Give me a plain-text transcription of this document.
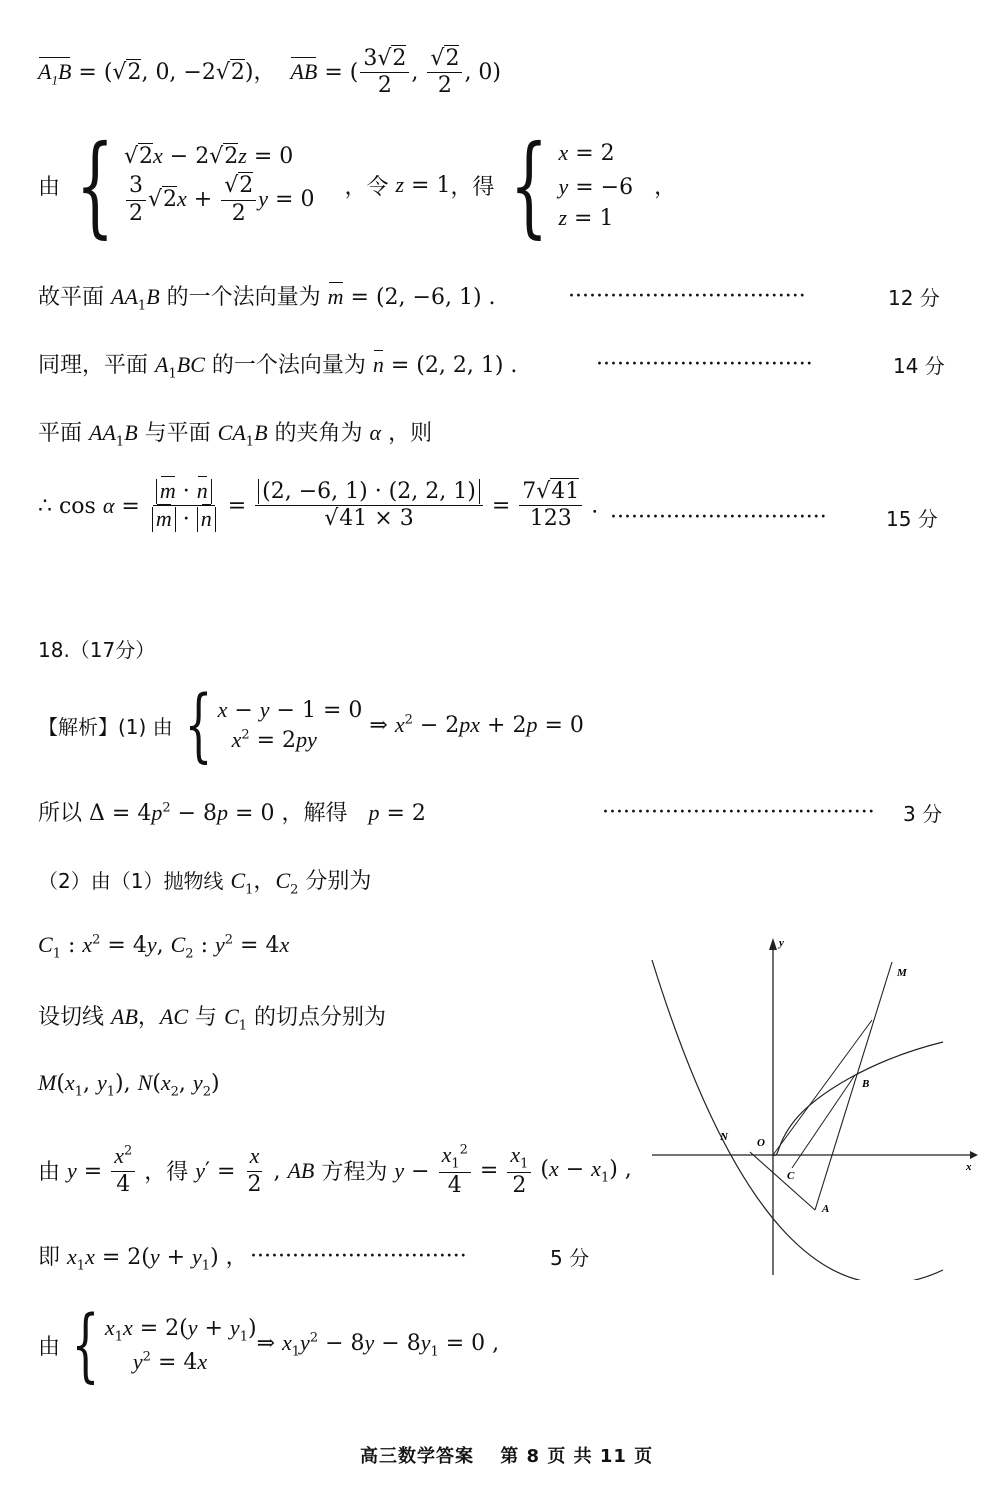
$A_1B = (√2$, 0, −2√2)， AB = ( $\frac{3√2}{2}$ , $\frac{√2}{2}$ , 0)
由 { √2x − 2√2z = 0
$\frac{3}{2} √2x + \frac{√2}{2}$ y = 0 ，令 z = 1 ，得 { x = 2
y = −6   ，
z = 1
故平面 $AA_1B$ 的一个法向量为 m = (2, −6, 1) .	··································	12 分
同理，平面 $A_1BC$ 的一个法向量为 n = (2, 2, 1) .	·······························	14 分
平面 $AA_1B$ 与平面 $CA_1B$ 的夹角为 α ，则
∴ $\cos \alpha = \frac{m \cdot n}{m \cdot n} = \frac{(2, -6, 1) \cdot (2, 2, 1)}{√41 \times 3} = \frac{7√41}{123}$ . ·······························	15 分
18.（17分）
【解析】(1) 由 { x − y − 1 = 0
$x^2 = 2py$
⇒ $x^2 - 2px + 2p = 0$
所以 $\Delta = 4p^2 - 8p = 0$ ，解得 p = 2	······································· 3 分
（2）由（1）抛物线 $C_1$，$C_2$ 分别为
$C_1$ : $x^2 = 4y$, $C_2$ : $y^2 = 4x$
设切线 AB，AC 与 $C_1$ 的切点分别为
$M(x_1$, $y_1$), $N(x_2$, $y_2$)
由 $y = \frac{x^2}{4}$ ，得 $y' = \frac{x}{2}$ , AB 方程为 $y - \frac{x_1^2}{4} = \frac{x_1}{2} (x - x_1)$ ,
即 $x_1x = 2(y + y_1)$ ， ·······························	5 分
由 { $x_1x = 2(y + y_1)$
$y^2 = 4x$
⇒ $x_1y^2 - 8y - 8y_1 = 0$ ,
y
M
B
N	O
C
A
x
高三数学答案　 第 8 页 共 11 页
